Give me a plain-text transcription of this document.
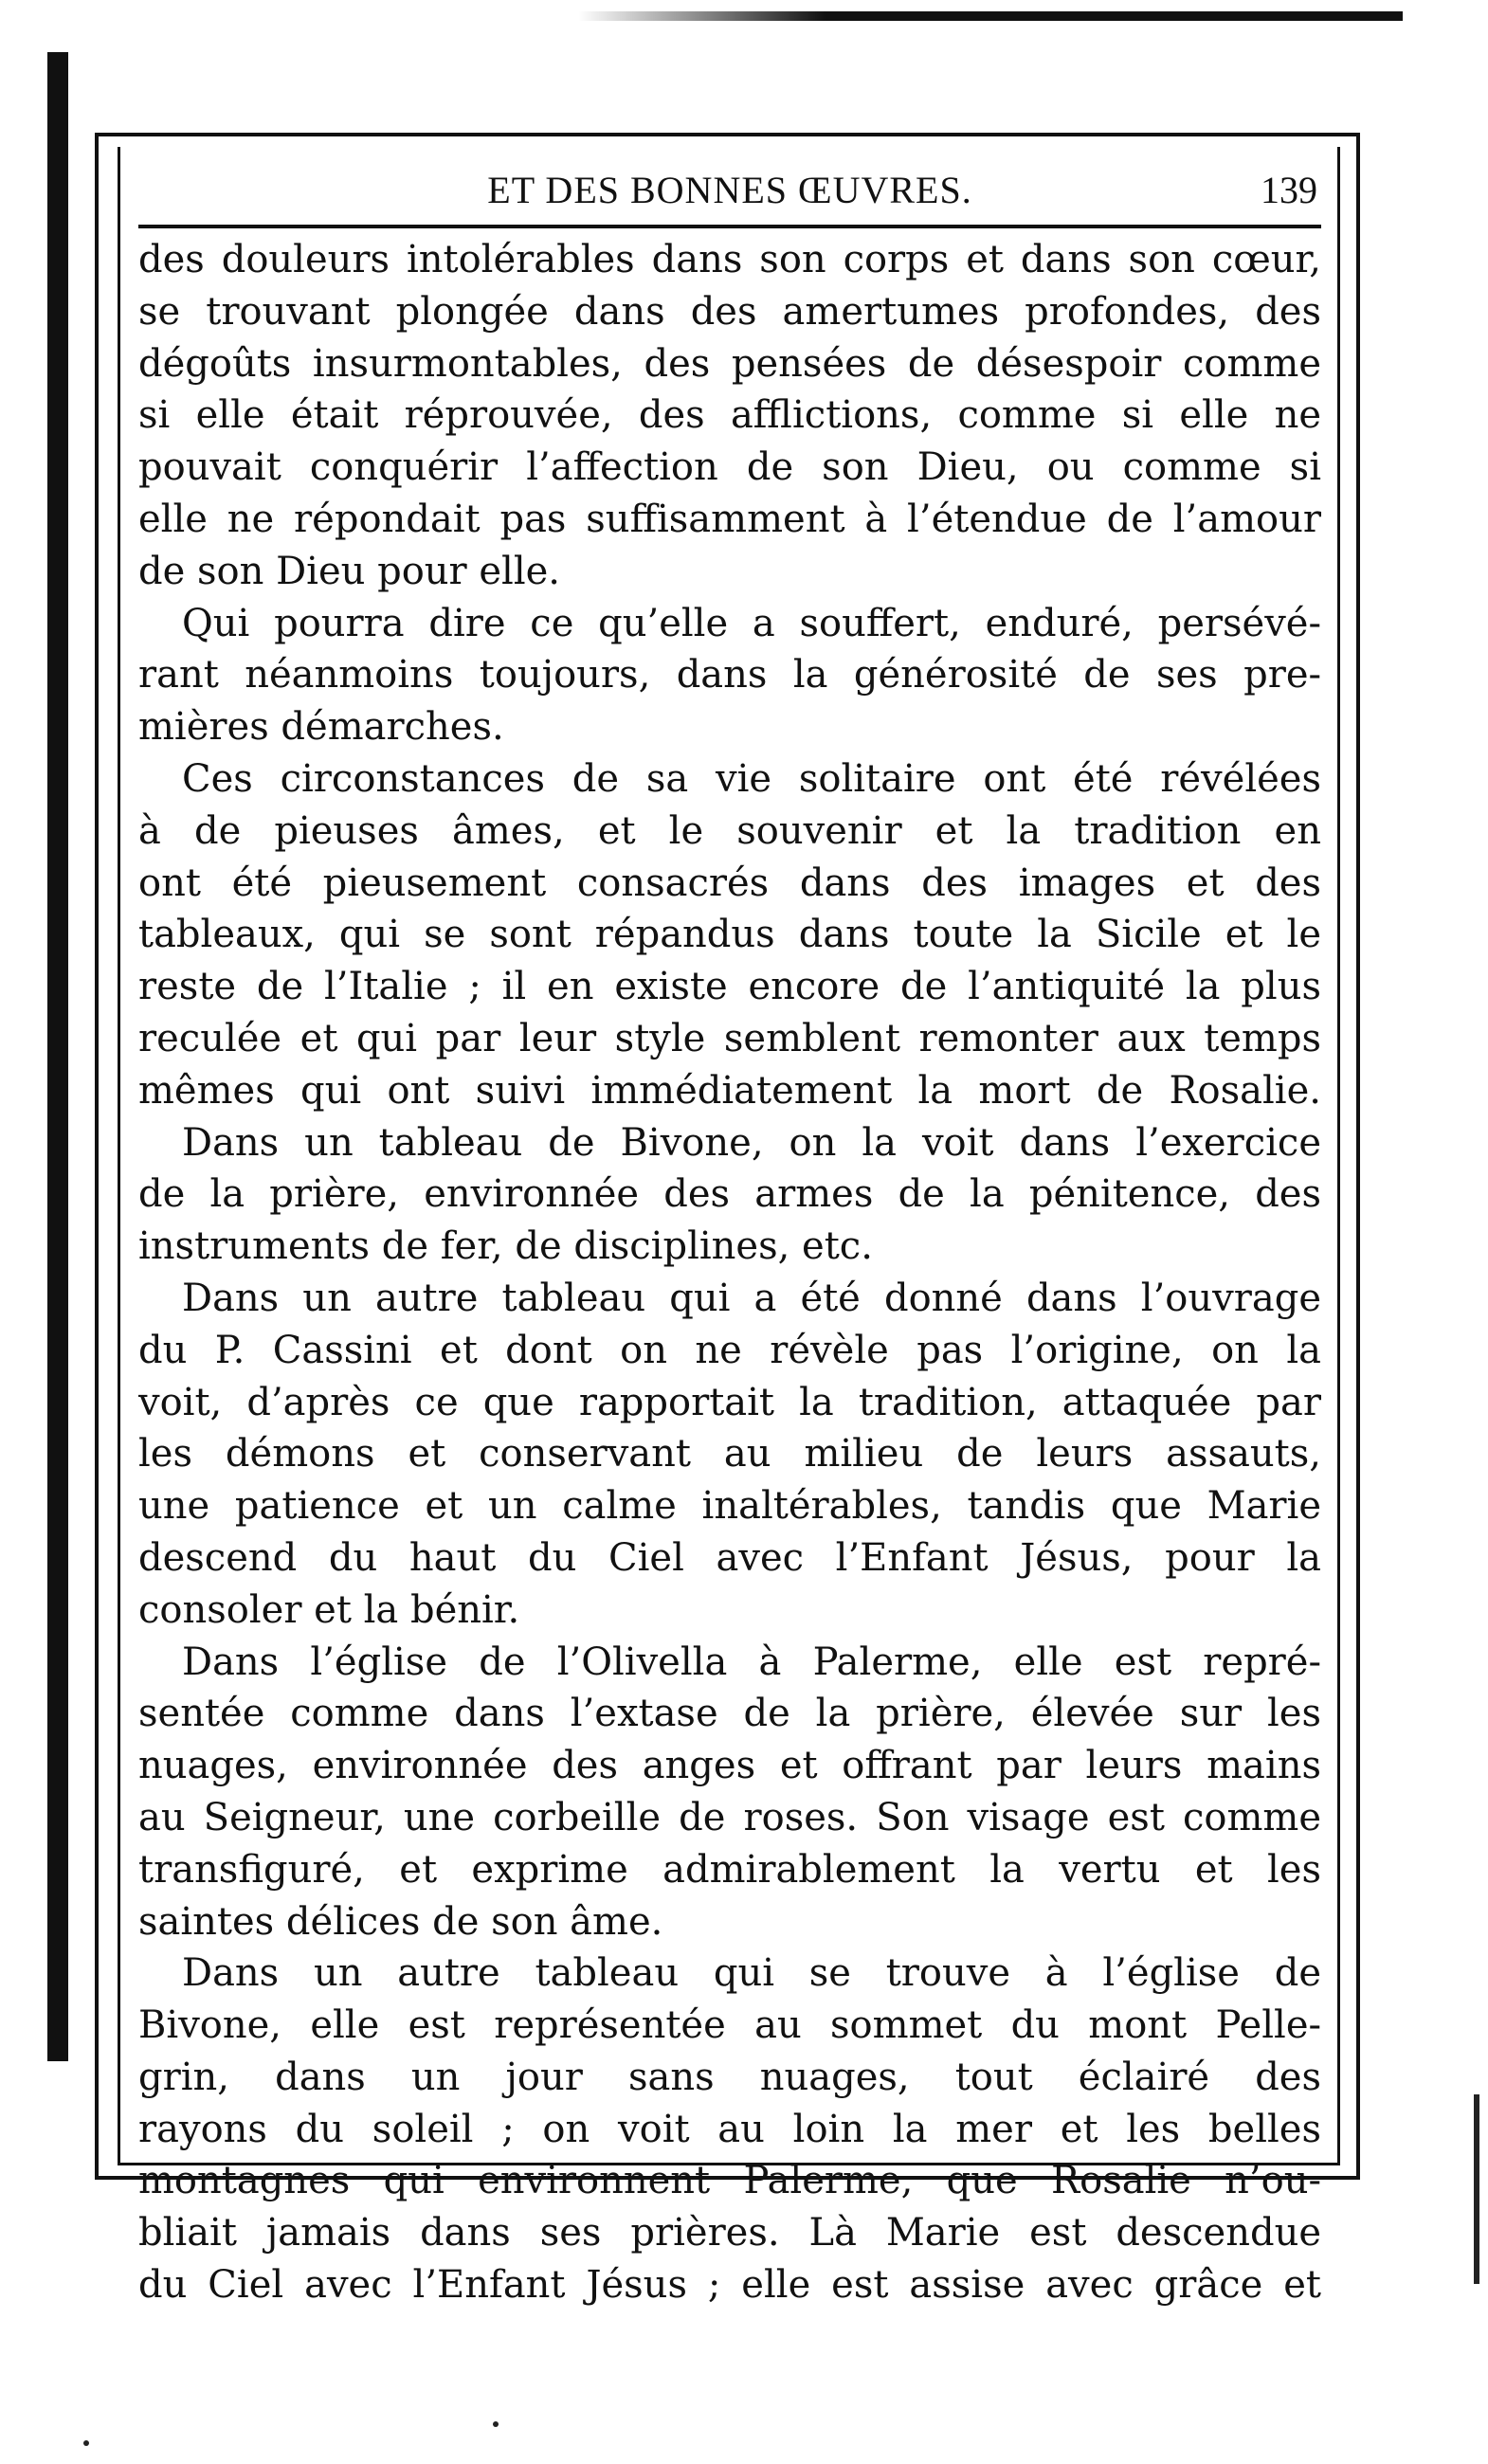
ET DES BONNES ŒUVRES.	139
des douleurs intolérables dans son corps et dans son cœur,
se trouvant plongée dans des amertumes profondes, des
dégoûts insurmontables, des pensées de désespoir comme
si elle était réprouvée, des afflictions, comme si elle ne
pouvait conquérir l’affection de son Dieu, ou comme si
elle ne répondait pas suffisamment à l’étendue de l’amour
de son Dieu pour elle.
Qui pourra dire ce qu’elle a souffert, enduré, persévé-
rant néanmoins toujours, dans la générosité de ses pre-
mières démarches.
Ces circonstances de sa vie solitaire ont été révélées
à de pieuses âmes, et le souvenir et la tradition en
ont été pieusement consacrés dans des images et des
tableaux, qui se sont répandus dans toute la Sicile et le
reste de l’Italie ; il en existe encore de l’antiquité la plus
reculée et qui par leur style semblent remonter aux temps
mêmes qui ont suivi immédiatement la mort de Rosalie.
Dans un tableau de Bivone, on la voit dans l’exercice
de la prière, environnée des armes de la pénitence, des
instruments de fer, de disciplines, etc.
Dans un autre tableau qui a été donné dans l’ouvrage
du P. Cassini et dont on ne révèle pas l’origine, on la
voit, d’après ce que rapportait la tradition, attaquée par
les démons et conservant au milieu de leurs assauts,
une patience et un calme inaltérables, tandis que Marie
descend du haut du Ciel avec l’Enfant Jésus, pour la
consoler et la bénir.
Dans l’église de l’Olivella à Palerme, elle est repré-
sentée comme dans l’extase de la prière, élevée sur les
nuages, environnée des anges et offrant par leurs mains
au Seigneur, une corbeille de roses. Son visage est comme
transfiguré, et exprime admirablement la vertu et les
saintes délices de son âme.
Dans un autre tableau qui se trouve à l’église de
Bivone, elle est représentée au sommet du mont Pelle-
grin, dans un jour sans nuages, tout éclairé des
rayons du soleil ; on voit au loin la mer et les belles
montagnes qui environnent Palerme, que Rosalie n’ou-
bliait jamais dans ses prières. Là Marie est descendue
du Ciel avec l’Enfant Jésus ; elle est assise avec grâce et
